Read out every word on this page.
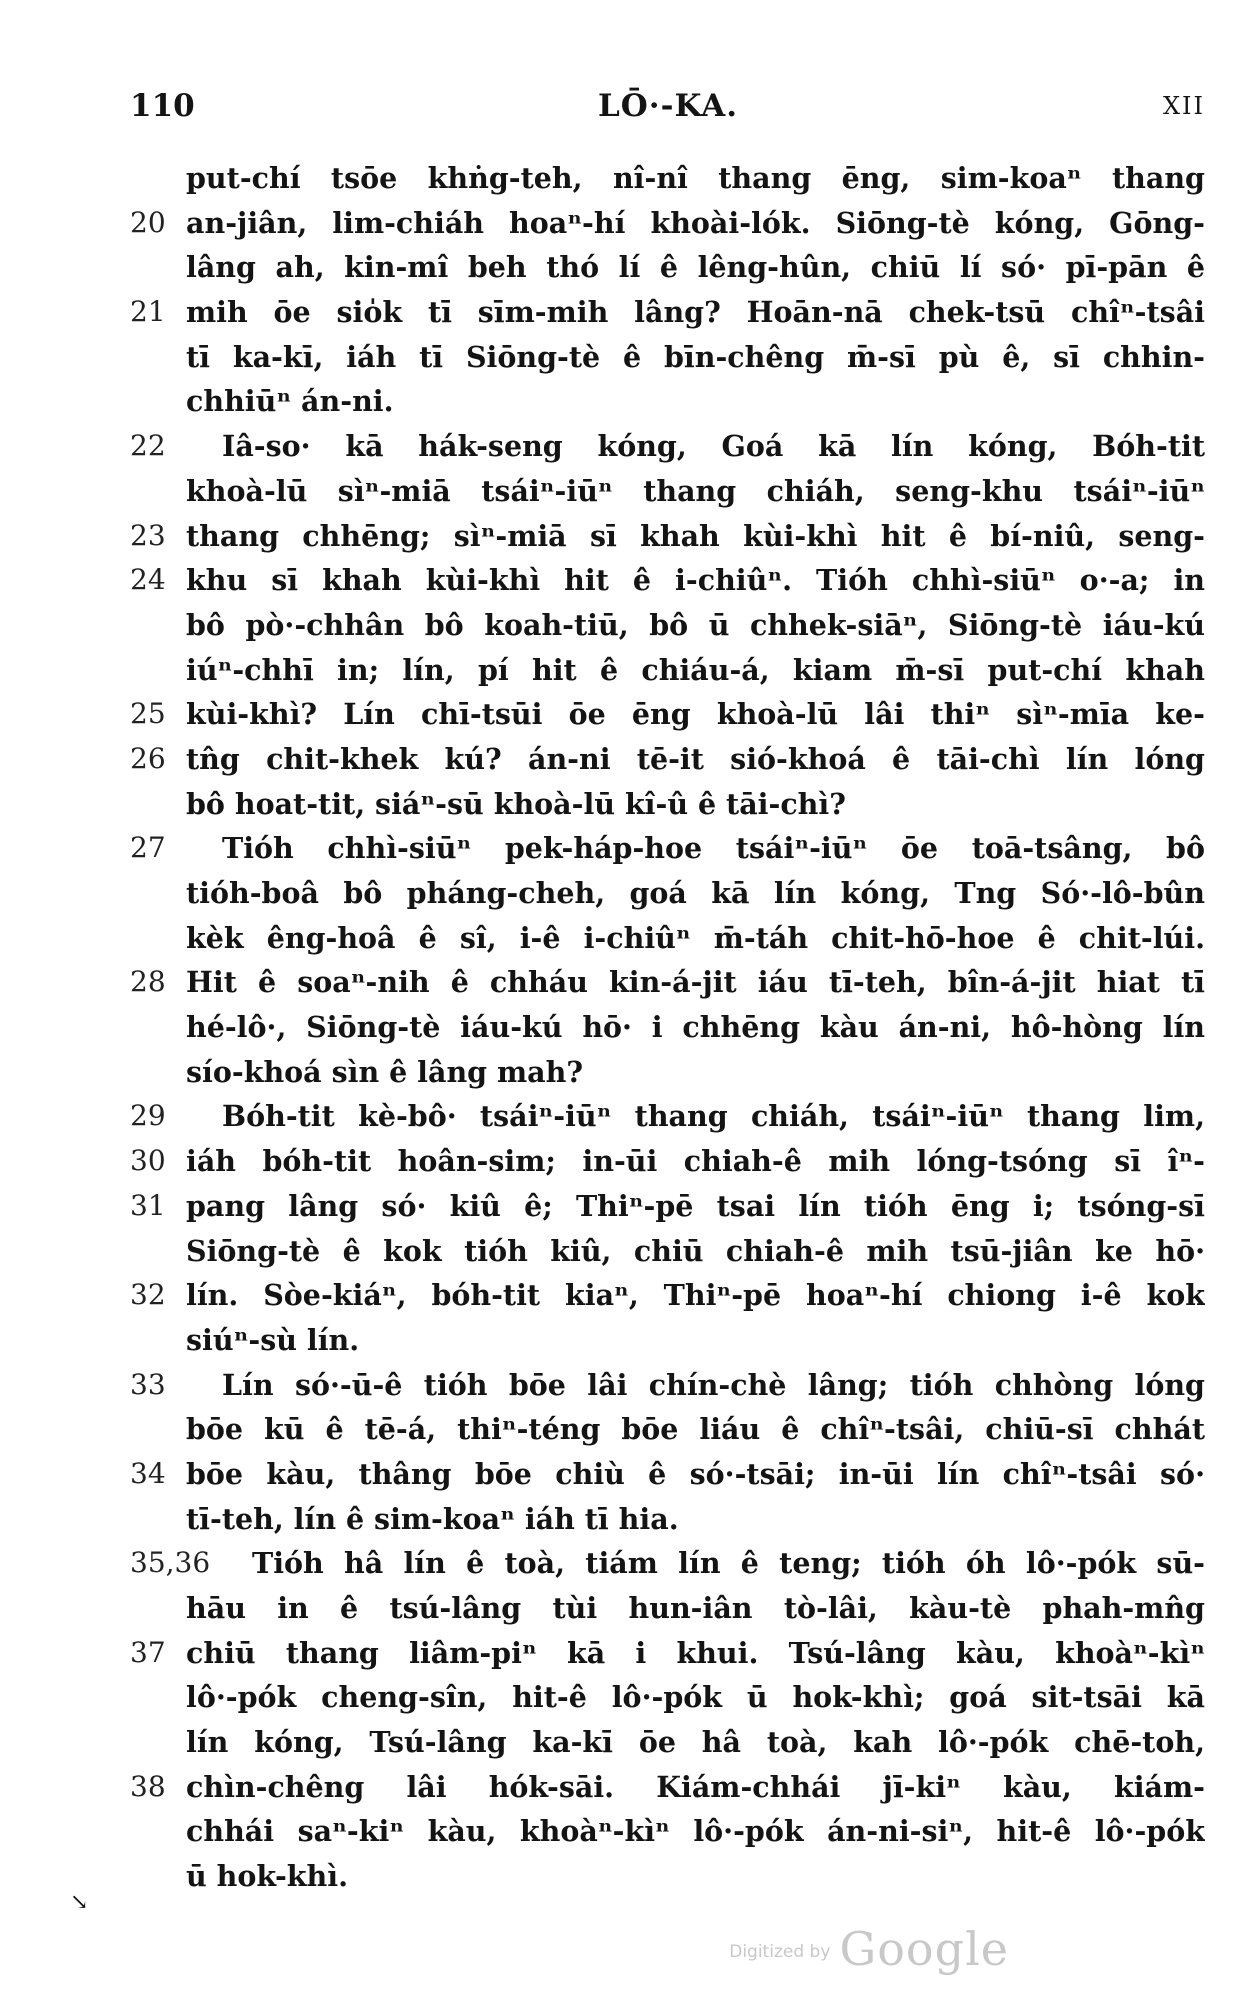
110	LŌ·-KA.	XII
put-chí tsōe khṅg-teh, nî-nî thang ēng, sim-koaⁿ thang
20 an-jiân, lim-chiáh hoaⁿ-hí khoài-lók. Siōng-tè kóng, Gōng-
lâng ah, kin-mî beh thó lí ê lêng-hûn, chiū lí só· pī-pān ê
21 mih ōe sio̍k tī sīm-mih lâng? Hoān-nā chek-tsū chîⁿ-tsâi
tī ka-kī, iáh tī Siōng-tè ê bīn-chêng m̄-sī pù ê, sī chhin-
chhiūⁿ án-ni.
22 Iâ-so· kā hák-seng kóng, Goá kā lín kóng, Bóh-tit
khoà-lū sìⁿ-miā tsáiⁿ-iūⁿ thang chiáh, seng-khu tsáiⁿ-iūⁿ
23 thang chhēng; sìⁿ-miā sī khah kùi-khì hit ê bí-niû, seng-
24 khu sī khah kùi-khì hit ê i-chiûⁿ. Tióh chhì-siūⁿ o·-a; in
bô pò·-chhân bô koah-tiū, bô ū chhek-siāⁿ, Siōng-tè iáu-kú
iúⁿ-chhī in; lín, pí hit ê chiáu-á, kiam m̄-sī put-chí khah
25 kùi-khì? Lín chī-tsūi ōe ēng khoà-lū lâi thiⁿ sìⁿ-mīa ke-
26 tn̂g chit-khek kú? án-ni tē-it sió-khoá ê tāi-chì lín lóng
bô hoat-tit, siáⁿ-sū khoà-lū kî-û ê tāi-chì?
27 Tióh chhì-siūⁿ pek-háp-hoe tsáiⁿ-iūⁿ ōe toā-tsâng, bô
tióh-boâ bô pháng-cheh, goá kā lín kóng, Tng Só·-lô-bûn
kèk êng-hoâ ê sî, i-ê i-chiûⁿ m̄-táh chit-hō-hoe ê chit-lúi.
28 Hit ê soaⁿ-nih ê chháu kin-á-jit iáu tī-teh, bîn-á-jit hiat tī
hé-lô·, Siōng-tè iáu-kú hō· i chhēng kàu án-ni, hô-hòng lín
sío-khoá sìn ê lâng mah?
29 Bóh-tit kè-bô· tsáiⁿ-iūⁿ thang chiáh, tsáiⁿ-iūⁿ thang lim,
30 iáh bóh-tit hoân-sim; in-ūi chiah-ê mih lóng-tsóng sī îⁿ-
31 pang lâng só· kiû ê; Thiⁿ-pē tsai lín tióh ēng i; tsóng-sī
Siōng-tè ê kok tióh kiû, chiū chiah-ê mih tsū-jiân ke hō·
32 lín. Sòe-kiáⁿ, bóh-tit kiaⁿ, Thiⁿ-pē hoaⁿ-hí chiong i-ê kok
siúⁿ-sù lín.
33 Lín só·-ū-ê tióh bōe lâi chín-chè lâng; tióh chhòng lóng
bōe kū ê tē-á, thiⁿ-téng bōe liáu ê chîⁿ-tsâi, chiū-sī chhát
34 bōe kàu, thâng bōe chiù ê só·-tsāi; in-ūi lín chîⁿ-tsâi só·
tī-teh, lín ê sim-koaⁿ iáh tī hia.
35,36 Tióh hâ lín ê toà, tiám lín ê teng; tióh óh lô·-pók sū-
hāu in ê tsú-lâng tùi hun-iân tò-lâi, kàu-tè phah-mn̂g
37 chiū thang liâm-piⁿ kā i khui. Tsú-lâng kàu, khoàⁿ-kìⁿ
lô·-pók cheng-sîn, hit-ê lô·-pók ū hok-khì; goá sit-tsāi kā
lín kóng, Tsú-lâng ka-kī ōe hâ toà, kah lô·-pók chē-toh,
38 chìn-chêng lâi hók-sāi. Kiám-chhái jī-kiⁿ kàu, kiám-
chhái saⁿ-kiⁿ kàu, khoàⁿ-kìⁿ lô·-pók án-ni-siⁿ, hit-ê lô·-pók
ū hok-khì.
↘
Digitized by Google
